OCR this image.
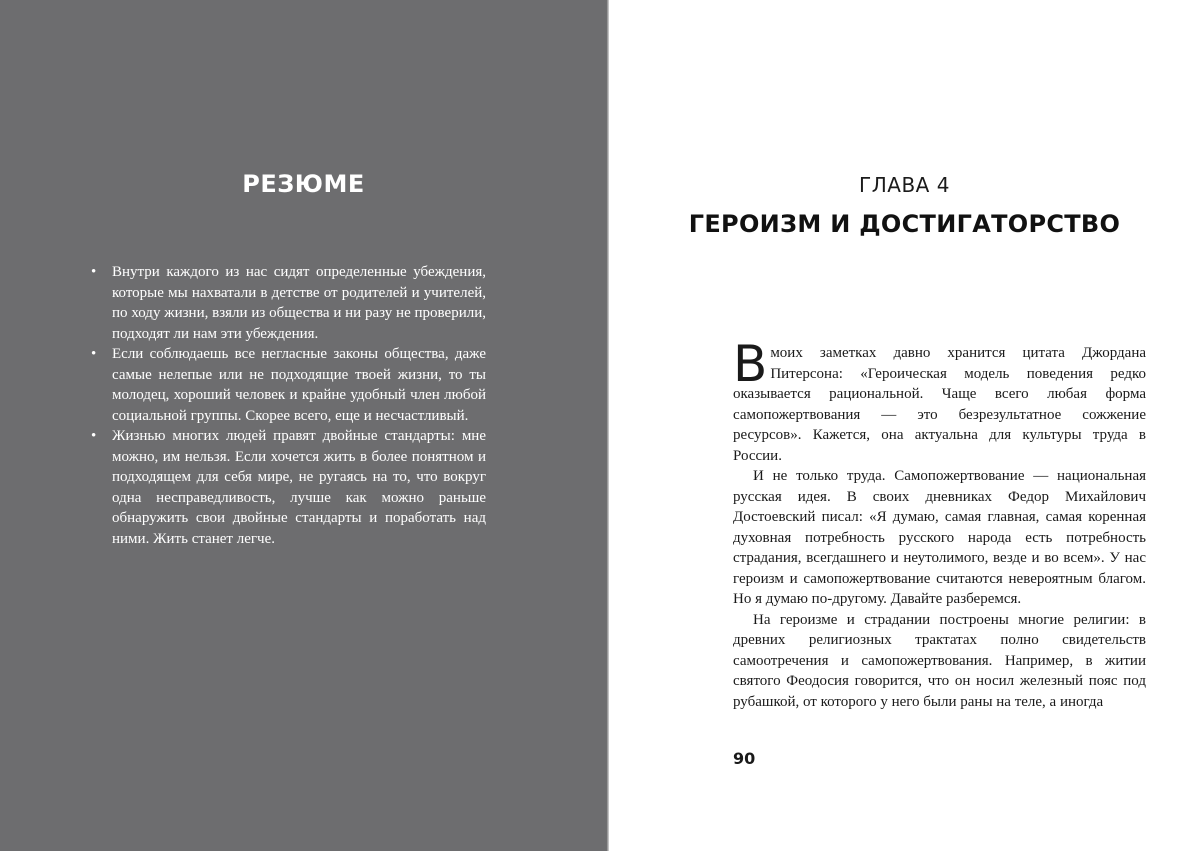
РЕЗЮМЕ
•	Внутри каждого из нас сидят определенные убеждения, которые мы нахватали в детстве от родителей и учителей, по ходу жизни, взяли из общества и ни разу не проверили, подходят ли нам эти убеждения.
•	Если соблюдаешь все негласные законы общества, даже самые нелепые или не подходящие твоей жизни, то ты молодец, хороший человек и крайне удобный член любой социальной группы. Скорее всего, еще и несчастливый.
•	Жизнью многих людей правят двойные стандарты: мне можно, им нельзя. Если хочется жить в более понятном и подходящем для себя мире, не ругаясь на то, что вокруг одна несправедливость, лучше как можно раньше обнаружить свои двойные стандарты и поработать над ними. Жить станет легче.
ГЛАВА 4
ГЕРОИЗМ И ДОСТИГАТОРСТВО

Вмоих заметках давно хранится цитата Джордана Питерсона: «Героическая модель поведения редко оказывается рациональной. Чаще всего любая форма самопожертвования — это безрезультатное сожжение ресурсов». Кажется, она актуальна для культуры труда в России.

И не только труда. Самопожертвование — национальная русская идея. В своих дневниках Федор Михайлович Достоевский писал: «Я думаю, самая главная, самая коренная духовная потребность русского народа есть потребность страдания, всегдашнего и неутолимого, везде и во всем». У нас героизм и самопожертвование считаются невероятным благом. Но я думаю по-другому. Давайте разберемся.

На героизме и страдании построены многие религии: в древних религиозных трактатах полно свидетельств самоотречения и самопожертвования. Например, в житии святого Феодосия говорится, что он носил железный пояс под рубашкой, от которого у него были раны на теле, а иногда

90
